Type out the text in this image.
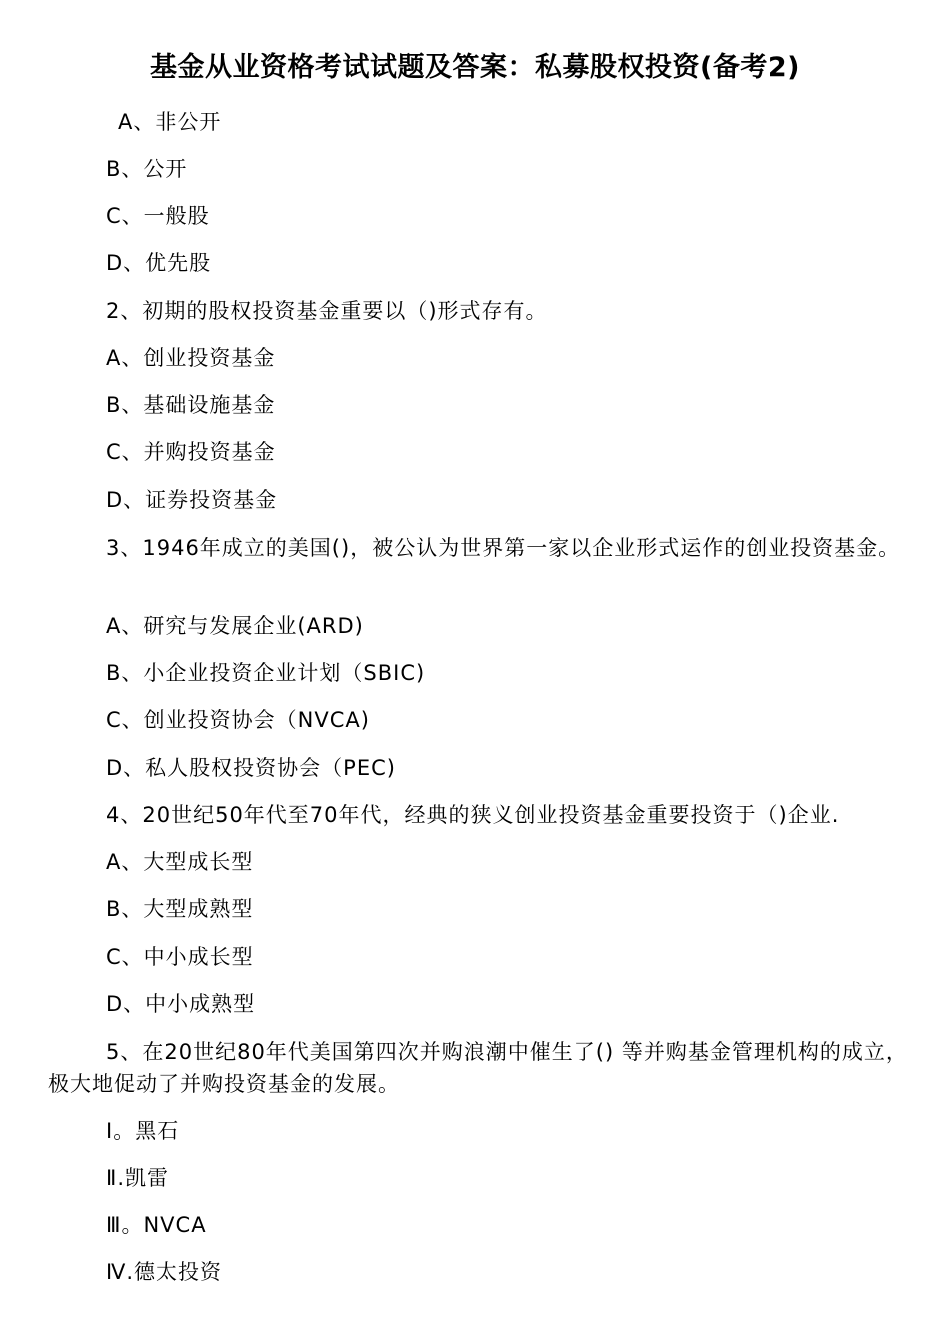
基金从业资格考试试题及答案：私募股权投资(备考2)
A、非公开
B、公开
C、一般股
D、优先股
2、初期的股权投资基金重要以（)形式存有。
A、创业投资基金
B、基础设施基金
C、并购投资基金
D、证券投资基金
3、1946年成立的美国()，被公认为世界第一家以企业形式运作的创业投资基金。
A、研究与发展企业(ARD)
B、小企业投资企业计划（SBIC)
C、创业投资协会（NVCA)
D、私人股权投资协会（PEC)
4、20世纪50年代至70年代，经典的狭义创业投资基金重要投资于（)企业.
A、大型成长型
B、大型成熟型
C、中小成长型
D、中小成熟型
5、在20世纪80年代美国第四次并购浪潮中催生了() 等并购基金管理机构的成立，极大地促动了并购投资基金的发展。
Ⅰ。黑石
Ⅱ.凯雷
Ⅲ。NVCA
Ⅳ.德太投资
